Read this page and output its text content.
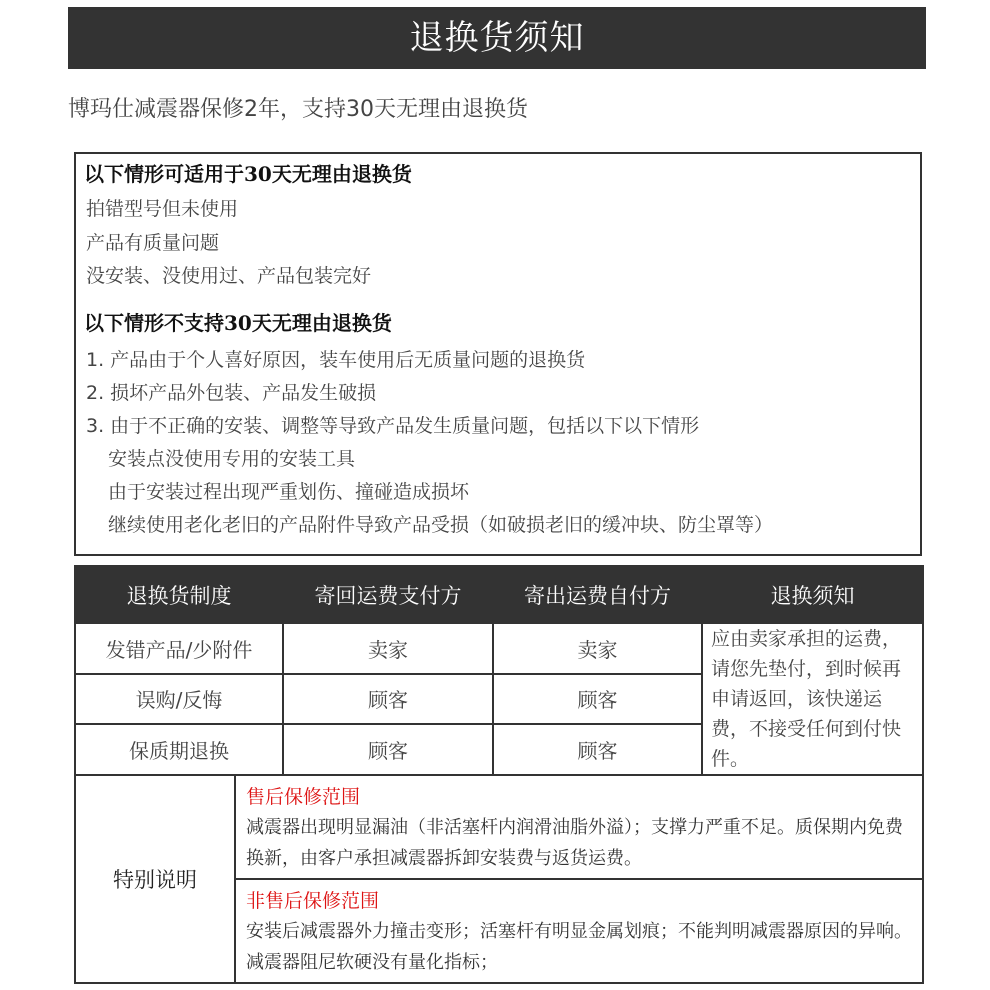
退换货须知
博玛仕减震器保修2年，支持30天无理由退换货
以下情形可适用于30天无理由退换货
拍错型号但未使用
产品有质量问题
没安装、没使用过、产品包装完好
以下情形不支持30天无理由退换货
1. 产品由于个人喜好原因，装车使用后无质量问题的退换货
2. 损坏产品外包装、产品发生破损
3. 由于不正确的安装、调整等导致产品发生质量问题，包括以下以下情形
安装点没使用专用的安装工具
由于安装过程出现严重划伤、撞碰造成损坏
继续使用老化老旧的产品附件导致产品受损（如破损老旧的缓冲块、防尘罩等）
退换货制度		寄回运费支付方	寄出运费自付方	退换须知
发错产品/少附件		卖家	卖家	应由卖家承担的运费，请您先垫付，到时候再申请返回，该快递运费，不接受任何到付快件。
误购/反悔		顾客	顾客	
保质期退换		顾客	顾客	
特别说明	售后保修范围
减震器出现明显漏油（非活塞杆内润滑油脂外溢）；支撑力严重不足。质保期内免费换新，由客户承担减震器拆卸安装费与返货运费。
非售后保修范围
安装后减震器外力撞击变形；活塞杆有明显金属划痕；不能判明减震器原因的异响。减震器阻尼软硬没有量化指标；			
